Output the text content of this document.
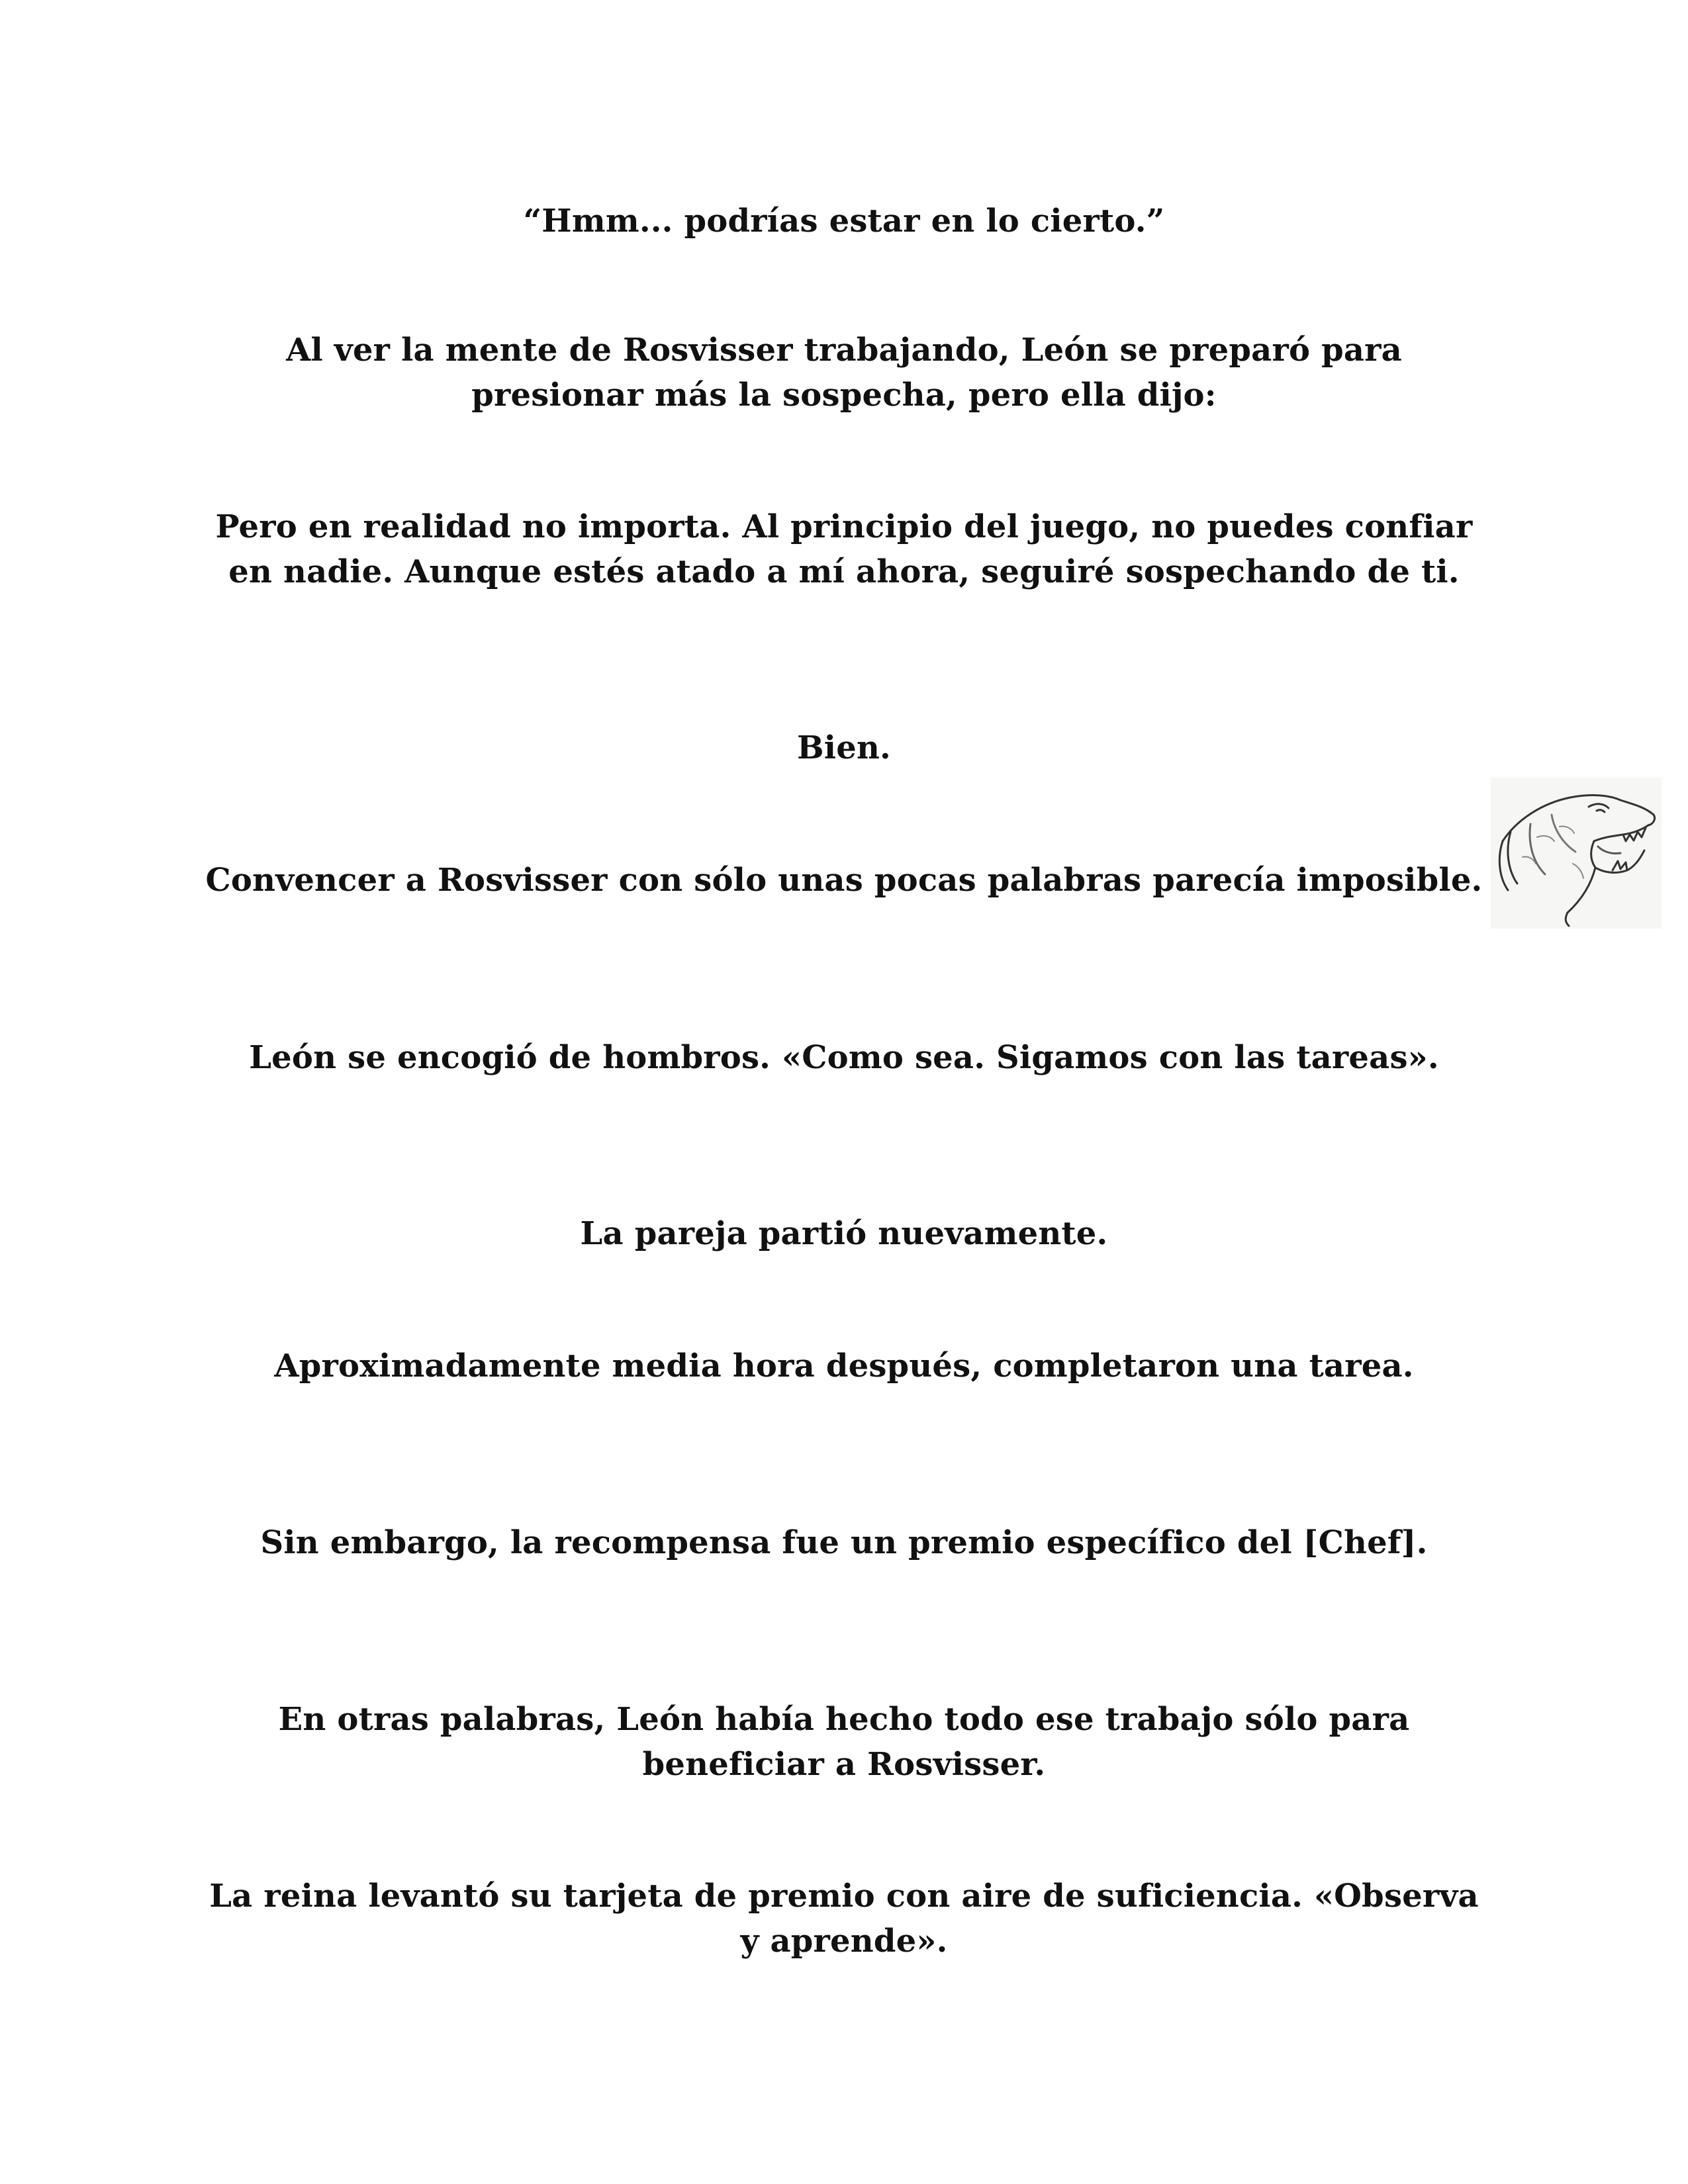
“Hmm... podrías estar en lo cierto.”

Al ver la mente de Rosvisser trabajando, León se preparó para presionar más la sospecha, pero ella dijo:

Pero en realidad no importa. Al principio del juego, no puedes confiar en nadie. Aunque estés atado a mí ahora, seguiré sospechando de ti.

Bien.

Convencer a Rosvisser con sólo unas pocas palabras parecía imposible.

León se encogió de hombros. «Como sea. Sigamos con las tareas».

La pareja partió nuevamente.

Aproximadamente media hora después, completaron una tarea.

Sin embargo, la recompensa fue un premio específico del [Chef].

En otras palabras, León había hecho todo ese trabajo sólo para beneficiar a Rosvisser.

La reina levantó su tarjeta de premio con aire de suficiencia. «Observa y aprende».
